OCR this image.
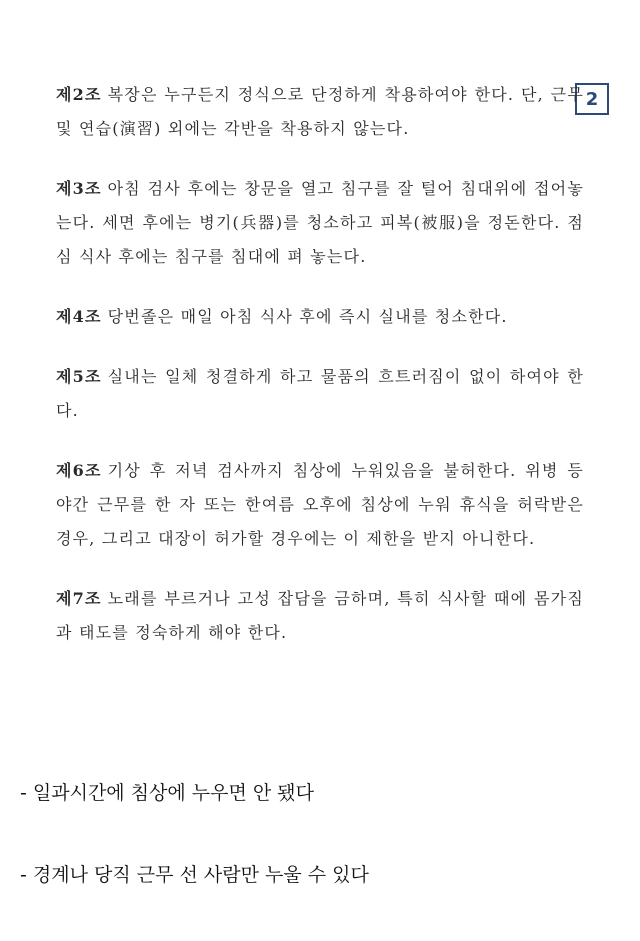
2

제2조 복장은 누구든지 정식으로 단정하게 착용하여야 한다. 단, 근무 및 연습(演習) 외에는 각반을 착용하지 않는다.

제3조 아침 검사 후에는 창문을 열고 침구를 잘 털어 침대위에 접어놓는다. 세면 후에는 병기(兵器)를 청소하고 피복(被服)을 정돈한다. 점심 식사 후에는 침구를 침대에 펴 놓는다.

제4조 당번졸은 매일 아침 식사 후에 즉시 실내를 청소한다.

제5조 실내는 일체 청결하게 하고 물품의 흐트러짐이 없이 하여야 한다.

제6조 기상 후 저녁 검사까지 침상에 누워있음을 불허한다. 위병 등 야간 근무를 한 자 또는 한여름 오후에 침상에 누워 휴식을 허락받은 경우, 그리고 대장이 허가할 경우에는 이 제한을 받지 아니한다.

제7조 노래를 부르거나 고성 잡담을 금하며, 특히 식사할 때에 몸가짐과 태도를 정숙하게 해야 한다.

- 일과시간에 침상에 누우면 안 됐다

- 경계나 당직 근무 선 사람만 누울 수 있다
